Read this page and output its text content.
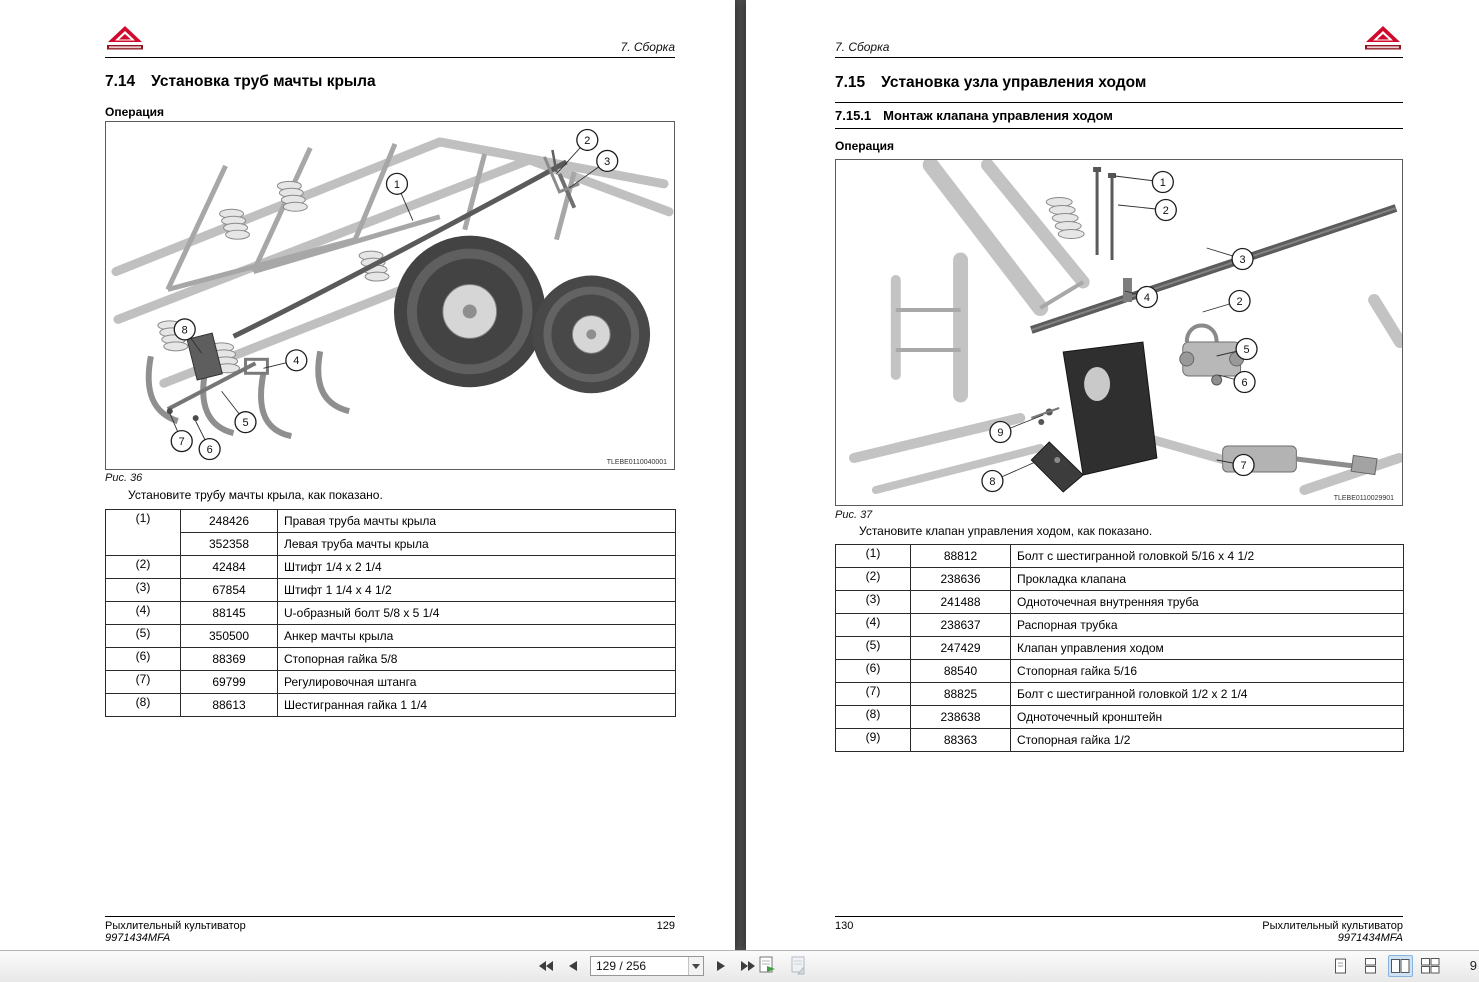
7. Сборка
7.14 Установка труб мачты крыла
Операция
1
2
3
8
4
5
7
6
TLEBE0110040001
Рис. 36
Установите трубу мачты крыла, как показано.
(1)	248426	Правая труба мачты крыла
	352358	Левая труба мачты крыла
(2)	42484	Штифт 1/4 x 2 1/4
(3)	67854	Штифт 1 1/4 x 4 1/2
(4)	88145	U-образный болт 5/8 x 5 1/4
(5)	350500	Анкер мачты крыла
(6)	88369	Стопорная гайка 5/8
(7)	69799	Регулировочная штанга
(8)	88613	Шестигранная гайка 1 1/4
Рыхлительный культиватор
9971434MFA
129
7. Сборка
7.15 Установка узла управления ходом
7.15.1 Монтаж клапана управления ходом
Операция
1
2
3
4	2
5
6
9
7
8
TLEBE0110029901
Рис. 37
Установите клапан управления ходом, как показано.
(1)	88812	Болт с шестигранной головкой 5/16 x 4 1/2
(2)	238636	Прокладка клапана
(3)	241488	Одноточечная внутренняя труба
(4)	238637	Распорная трубка
(5)	247429	Клапан управления ходом
(6)	88540	Стопорная гайка 5/16
(7)	88825	Болт с шестигранной головкой 1/2 x 2 1/4
(8)	238638	Одноточечный кронштейн
(9)	88363	Стопорная гайка 1/2
130	Рыхлительный культиватор
9971434MFA
129 / 256
9
